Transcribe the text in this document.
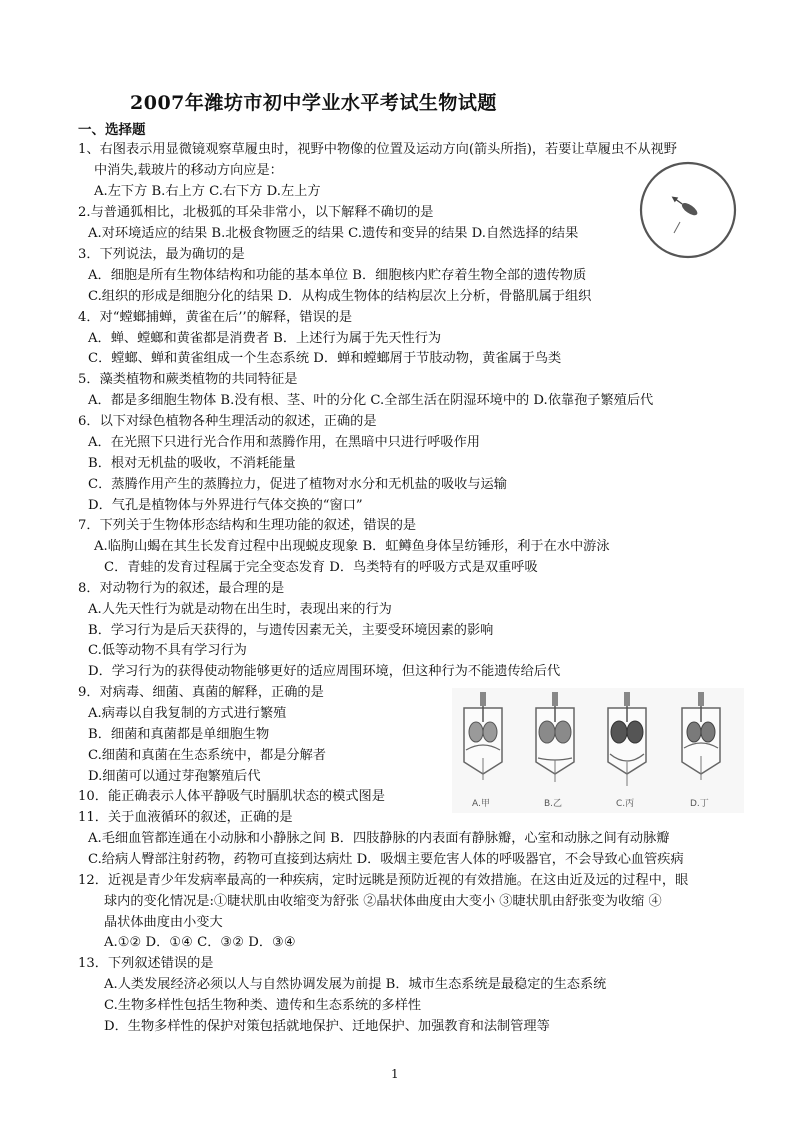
2007年潍坊市初中学业水平考试生物试题
一、选择题
1、右图表示用显微镜观察草履虫时，视野中物像的位置及运动方向(箭头所指)，若要让草履虫不从视野
中消失,载玻片的移动方向应是：
A.左下方 B.右上方 C.右下方 D.左上方
2.与普通狐相比，北极狐的耳朵非常小，以下解释不确切的是
A.对环境适应的结果 B.北极食物匮乏的结果 C.遗传和变异的结果 D.自然选择的结果
3．下列说法，最为确切的是
A．细胞是所有生物体结构和功能的基本单位 B．细胞核内贮存着生物全部的遗传物质
C.组织的形成是细胞分化的结果 D．从构成生物体的结构层次上分析，骨骼肌属于组织
4．对“螳螂捕蝉，黄雀在后’’的解释，错误的是
A．蝉、螳螂和黄雀都是消费者 B．上述行为属于先天性行为
C．螳螂、蝉和黄雀组成一个生态系统 D．蝉和螳螂屑于节肢动物，黄雀属于鸟类
5．藻类植物和蕨类植物的共同特征是
A．都是多细胞生物体 B.没有根、茎、叶的分化 C.全部生活在阴湿环境中的 D.依靠孢子繁殖后代
6．以下对绿色植物各种生理活动的叙述，正确的是
A．在光照下只进行光合作用和蒸腾作用，在黑暗中只进行呼吸作用
B．根对无机盐的吸收，不消耗能量
C．蒸腾作用产生的蒸腾拉力，促进了植物对水分和无机盐的吸收与运输
D．气孔是植物体与外界进行气体交换的“窗口”
7．下列关于生物体形态结构和生理功能的叙述，错误的是
A.临朐山蝎在其生长发育过程中出现蜕皮现象 B．虹鳟鱼身体呈纺锤形，利于在水中游泳
C．青蛙的发育过程属于完全变态发育 D．鸟类特有的呼吸方式是双重呼吸
8．对动物行为的叙述，最合理的是
A.人先天性行为就是动物在出生时，表现出来的行为
B．学习行为是后天获得的，与遗传因素无关，主要受环境因素的影响
C.低等动物不具有学习行为
D．学习行为的获得使动物能够更好的适应周围环境，但这种行为不能遗传给后代
9．对病毒、细菌、真菌的解释，正确的是
A.病毒以自我复制的方式进行繁殖
B．细菌和真菌都是单细胞生物
C.细菌和真菌在生态系统中，都是分解者
D.细菌可以通过芽孢繁殖后代
10．能正确表示人体平静吸气时膈肌状态的模式图是
11．关于血液循环的叙述，正确的是
A.毛细血管都连通在小动脉和小静脉之间 B．四肢静脉的内表面有静脉瓣，心室和动脉之间有动脉瓣
C.给病人臀部注射药物，药物可直接到达病灶 D．吸烟主要危害人体的呼吸器官，不会导致心血管疾病
12．近视是青少年发病率最高的一种疾病，定时远眺是预防近视的有效措施。在这由近及远的过程中，眼
球内的变化情况是:①睫状肌由收缩变为舒张 ②晶状体曲度由大变小 ③睫状肌由舒张变为收缩 ④
晶状体曲度由小变大
A.①② D．①④ C．③② D．③④
13．下列叙述错误的是
A.人类发展经济必须以人与自然协调发展为前提 B．城市生态系统是最稳定的生态系统
C.生物多样性包括生物种类、遗传和生态系统的多样性
D．生物多样性的保护对策包括就地保护、迁地保护、加强教育和法制管理等
A.甲	B.乙	C.丙	D.丁
1
